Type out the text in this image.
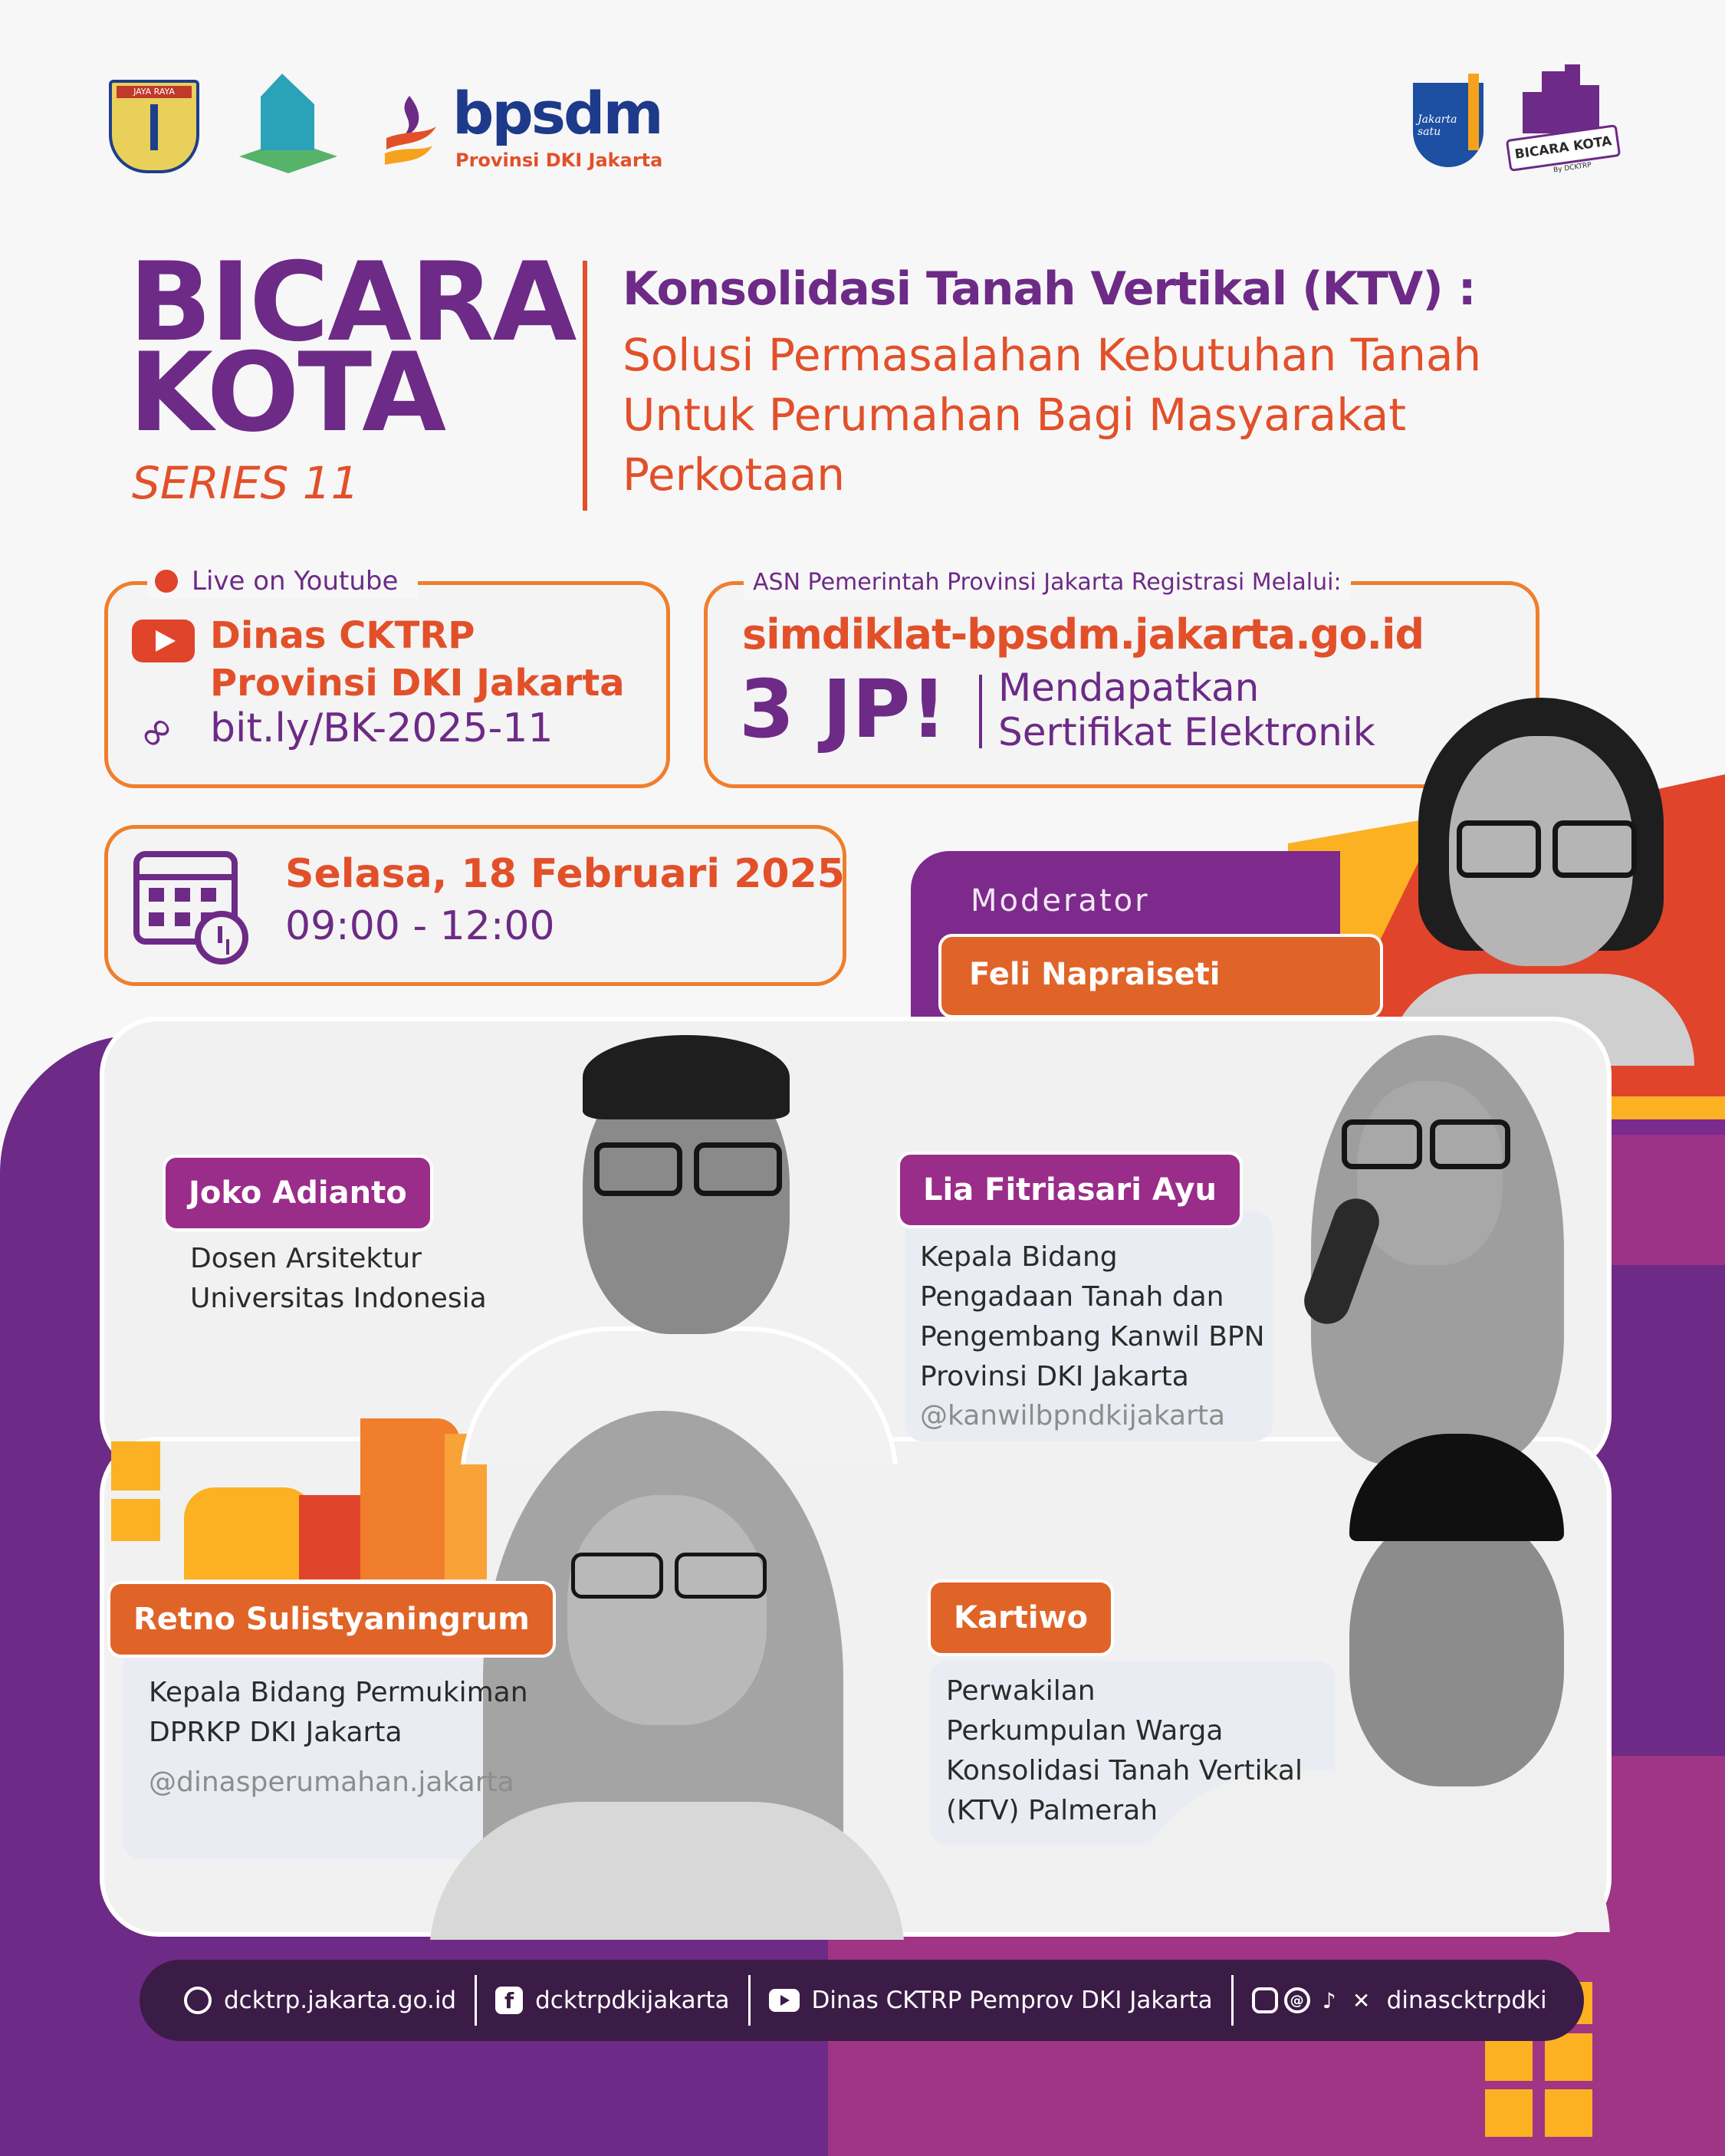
JAYA RAYA	bpsdm
Provinsi DKI Jakarta
Jakarta satu
BICARA KOTA
By DCKTRP
BICARA
KOTA
SERIES 11
Konsolidasi Tanah Vertikal (KTV) :
Solusi Permasalahan Kebutuhan Tanah
Untuk Perumahan Bagi Masyarakat
Perkotaan
Live on Youtube
Dinas CKTRP
Provinsi DKI Jakarta
∞ bit.ly/BK-2025-11
ASN Pemerintah Provinsi Jakarta Registrasi Melalui:
simdiklat-bpsdm.jakarta.go.id
3 JP! Mendapatkan
Sertifikat Elektronik
Selasa, 18 Februari 2025
09:00 - 12:00
Moderator
Feli Napraiseti
Joko Adianto
Dosen Arsitektur
Universitas Indonesia
Lia Fitriasari Ayu
Kepala Bidang
Pengadaan Tanah dan
Pengembang Kanwil BPN
Provinsi DKI Jakarta
@kanwilbpndkijakarta
Retno Sulistyaningrum
Kepala Bidang Permukiman
DPRKP DKI Jakarta
@dinasperumahan.jakarta
Kartiwo
Perwakilan
Perkumpulan Warga
Konsolidasi Tanah Vertikal
(KTV) Palmerah
dcktrp.jakarta.go.id	f dcktrpdkijakarta	Dinas CKTRP Pemprov DKI Jakarta	@ ♪ ✕ dinascktrpdki
